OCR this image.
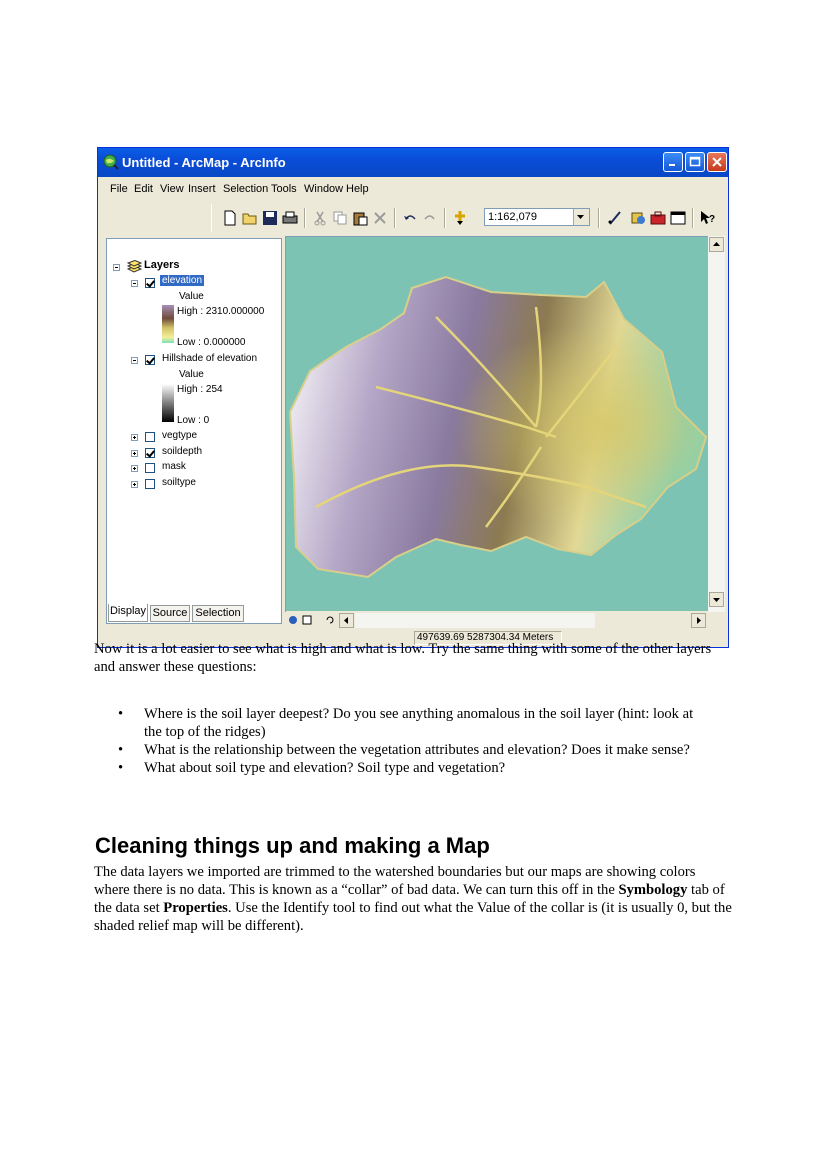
Untitled - ArcMap - ArcInfo
File Edit View Insert Selection Tools Window Help
1:162,079	?
Layers
elevation
Value
High : 2310.000000
Low : 0.000000
Hillshade of elevation
Value
High : 254
Low : 0
vegtype
soildepth
mask
soiltype
Display Source Selection
497639.69 5287304.34 Meters

Now it is a lot easier to see what is high and what is low. Try the same thing with some of the other layers and answer these questions:

• Where is the soil layer deepest? Do you see anything anomalous in the soil layer (hint: look at the top of the ridges)
• What is the relationship between the vegetation attributes and elevation? Does it make sense?
• What about soil type and elevation? Soil type and vegetation?
Cleaning things up and making a Map

The data layers we imported are trimmed to the watershed boundaries but our maps are showing colors where there is no data. This is known as a “collar” of bad data. We can turn this off in the Symbology tab of the data set Properties. Use the Identify tool to find out what the Value of the collar is (it is usually 0, but the shaded relief map will be different).
